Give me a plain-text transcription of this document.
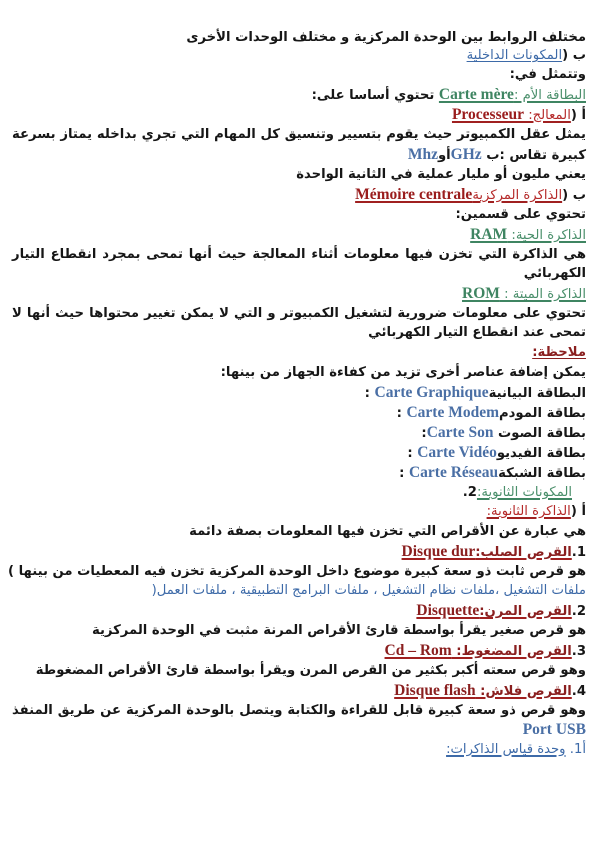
مختلف الروابط بين الوحدة المركزية و مختلف الوحدات الأخرى
ب (المكونات الداخلية
وتتمثل في:
البطاقة الأم :Carte mère تحتوي أساسا على:
أ (المعالج: Processeur
يمثل عقل الكمبيوتر حيث يقوم بتسيير وتنسيق كل المهام التي تجري بداخله يمتاز بسرعة
كبيرة تقاس :ب GHzأوMhz
يعني مليون أو مليار عملية في الثانية الواحدة
ب (الذاكرة المركزيةMémoire centrale
تحتوي على قسمين:
الذاكرة الحية: RAM
هي الذاكرة التي تخزن فيها معلومات أثناء المعالجة حيث أنها تمحى بمجرد انقطاع التيار
الكهربائي
الذاكرة الميتة : ROM
تحتوي على معلومات ضرورية لتشغيل الكمبيوتر و التي لا يمكن تغيير محتواها حيث أنها لا
تمحى عند انقطاع التيار الكهربائي
ملاحظة:
يمكن إضافة عناصر أخرى تزيد من كفاءة الجهاز من بينها:
البطاقة البيانيةCarte Graphique :
بطاقة المودمCarte Modem :
بطاقة الصوت Carte Son:
بطاقة الفيديوCarte Vidéo :
بطاقة الشبكةCarte Réseau :
المكونات الثانوية:2.
أ (الذاكرة الثانوية:
هي عبارة عن الأقراص التي تخزن فيها المعلومات بصفة دائمة
1.القرص الصلب:Disque dur
هو قرص ثابت ذو سعة كبيرة موضوع داخل الوحدة المركزية تخزن فيه المعطيات من بينها )
ملفات التشغيل ،ملفات نظام التشغيل ، ملفات البرامج التطبيقية ، ملفات العمل(
2.القرص المرن:Disquette
هو قرص صغير يقرأ بواسطة قارئ الأقراص المرنة مثبت في الوحدة المركزية
3.القرص المضغوط: Cd – Rom
وهو قرص سعته أكبر بكثير من القرص المرن ويقرأ بواسطة قارئ الأقراص المضغوطة
4.القرص فلاش: Disque flash
وهو قرص ذو سعة كبيرة قابل للقراءة والكتابة ويتصل بالوحدة المركزية عن طريق المنفذ
Port USB
أ1. وحدة قياس الذاكرات:
